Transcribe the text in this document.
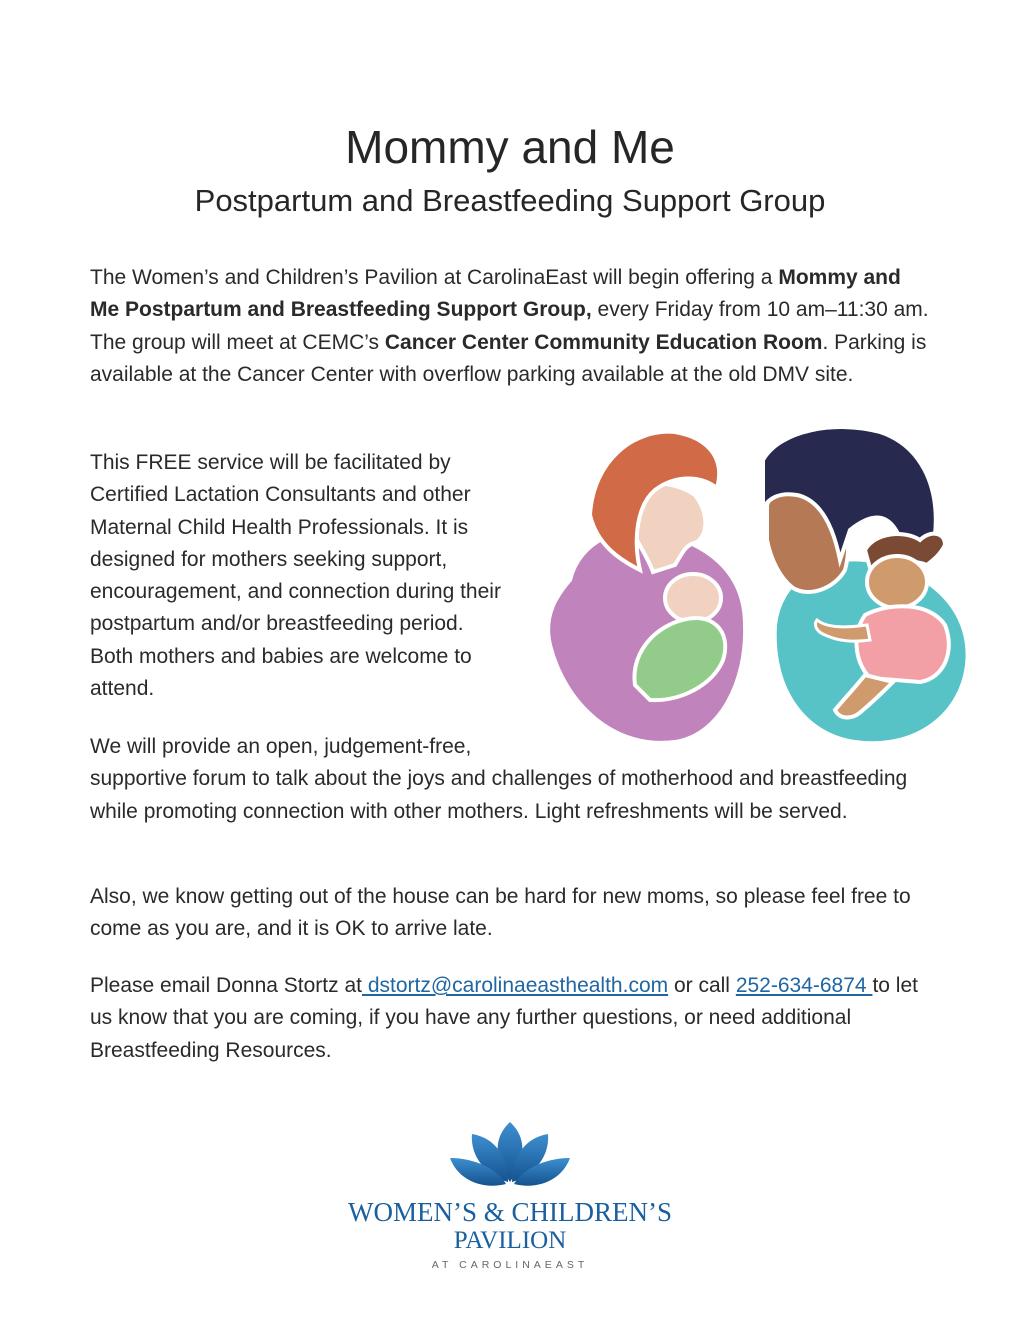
Mommy and Me
Postpartum and Breastfeeding Support Group

The Women’s and Children’s Pavilion at CarolinaEast will begin offering a Mommy and Me Postpartum and Breastfeeding Support Group, every Friday from 10 am–11:30 am. The group will meet at CEMC’s Cancer Center Community Education Room. Parking is available at the Cancer Center with overflow parking available at the old DMV site.

This FREE service will be facilitated by Certified Lactation Consultants and other Maternal Child Health Professionals. It is designed for mothers seeking support, encouragement, and connection during their postpartum and/or breastfeeding period. Both mothers and babies are welcome to attend.

We will provide an open, judgement-free,
supportive forum to talk about the joys and challenges of motherhood and breastfeeding while promoting connection with other mothers. Light refreshments will be served.

Also, we know getting out of the house can be hard for new moms, so please feel free to come as you are, and it is OK to arrive late.

Please email Donna Stortz at dstortz@carolinaeasthealth.com or call 252-634-6874 to let us know that you are coming, if you have any further questions, or need additional Breastfeeding Resources.

WOMEN’S & CHILDREN’S
PAVILION
AT CAROLINAEAST
